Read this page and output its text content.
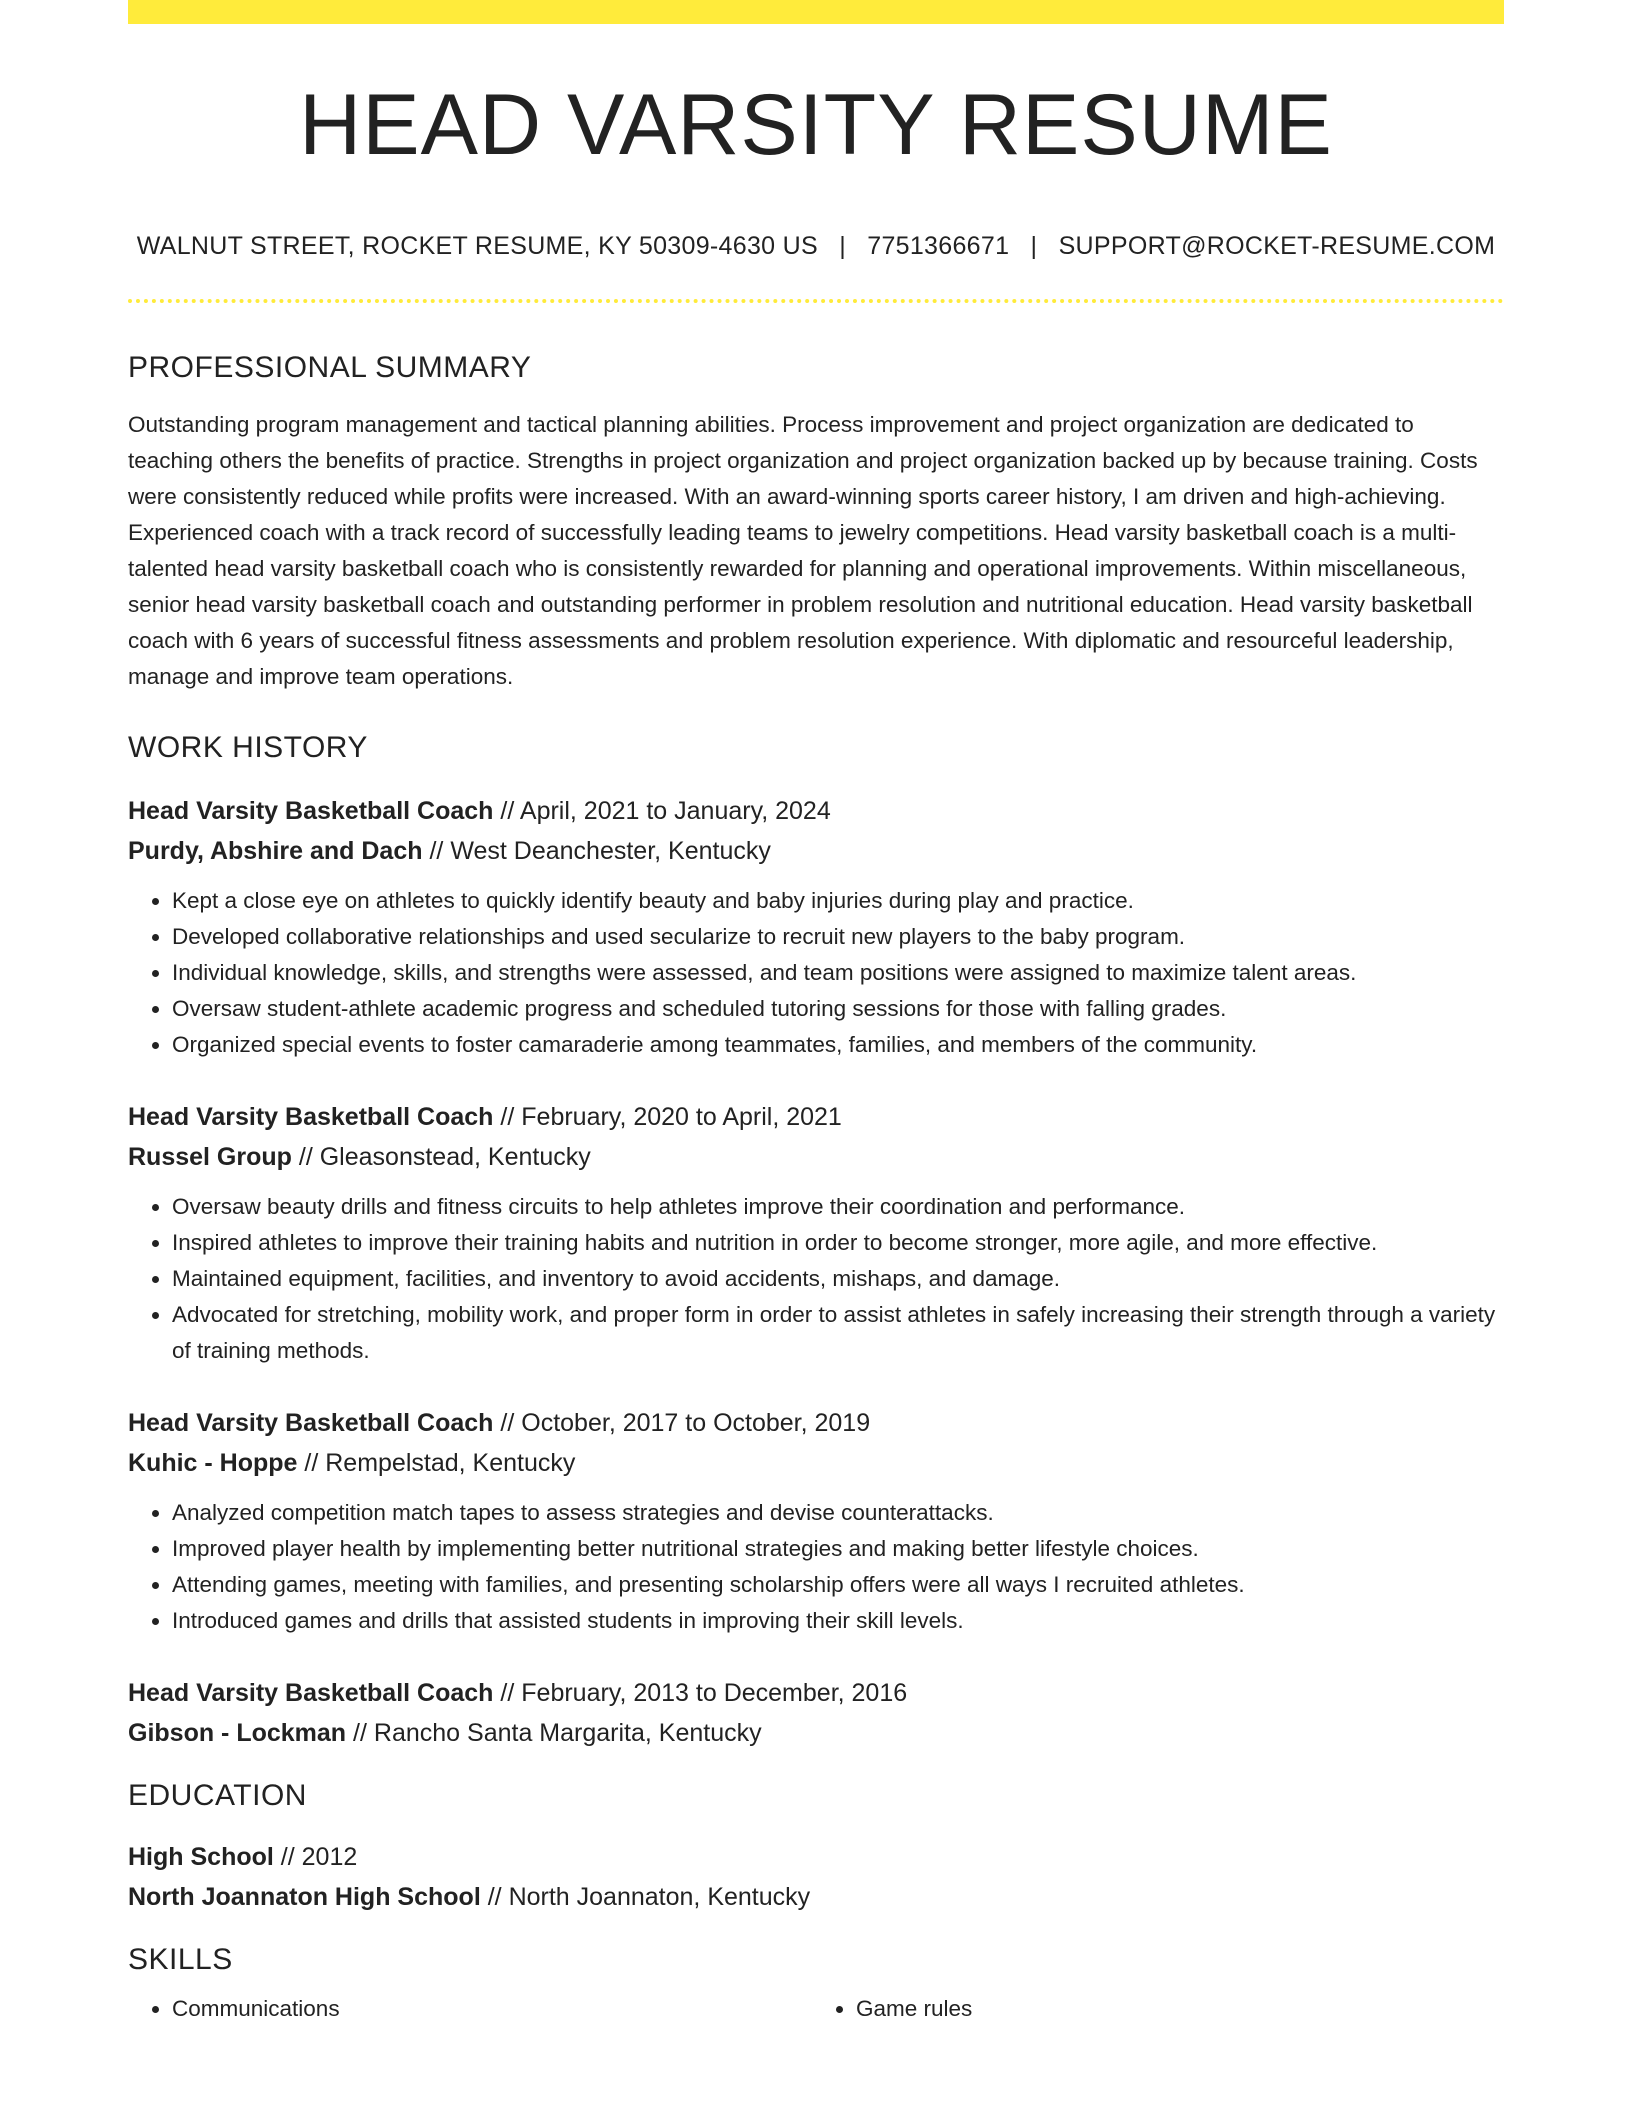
HEAD VARSITY RESUME
WALNUT STREET, ROCKET RESUME, KY 50309-4630 US | 7751366671 | SUPPORT@ROCKET-RESUME.COM
PROFESSIONAL SUMMARY
Outstanding program management and tactical planning abilities. Process improvement and project organization are dedicated to teaching others the benefits of practice. Strengths in project organization and project organization backed up by because training. Costs were consistently reduced while profits were increased. With an award-winning sports career history, I am driven and high-achieving. Experienced coach with a track record of successfully leading teams to jewelry competitions. Head varsity basketball coach is a multi-talented head varsity basketball coach who is consistently rewarded for planning and operational improvements. Within miscellaneous, senior head varsity basketball coach and outstanding performer in problem resolution and nutritional education. Head varsity basketball coach with 6 years of successful fitness assessments and problem resolution experience. With diplomatic and resourceful leadership, manage and improve team operations.
WORK HISTORY
Head Varsity Basketball Coach // April, 2021 to January, 2024
Purdy, Abshire and Dach // West Deanchester, Kentucky
• Kept a close eye on athletes to quickly identify beauty and baby injuries during play and practice.
• Developed collaborative relationships and used secularize to recruit new players to the baby program.
• Individual knowledge, skills, and strengths were assessed, and team positions were assigned to maximize talent areas.
• Oversaw student-athlete academic progress and scheduled tutoring sessions for those with falling grades.
• Organized special events to foster camaraderie among teammates, families, and members of the community.
Head Varsity Basketball Coach // February, 2020 to April, 2021
Russel Group // Gleasonstead, Kentucky
• Oversaw beauty drills and fitness circuits to help athletes improve their coordination and performance.
• Inspired athletes to improve their training habits and nutrition in order to become stronger, more agile, and more effective.
• Maintained equipment, facilities, and inventory to avoid accidents, mishaps, and damage.
• Advocated for stretching, mobility work, and proper form in order to assist athletes in safely increasing their strength through a variety of training methods.
Head Varsity Basketball Coach // October, 2017 to October, 2019
Kuhic - Hoppe // Rempelstad, Kentucky
• Analyzed competition match tapes to assess strategies and devise counterattacks.
• Improved player health by implementing better nutritional strategies and making better lifestyle choices.
• Attending games, meeting with families, and presenting scholarship offers were all ways I recruited athletes.
• Introduced games and drills that assisted students in improving their skill levels.
Head Varsity Basketball Coach // February, 2013 to December, 2016
Gibson - Lockman // Rancho Santa Margarita, Kentucky
EDUCATION
High School // 2012
North Joannaton High School // North Joannaton, Kentucky
SKILLS
• Communications
•	Game rules
